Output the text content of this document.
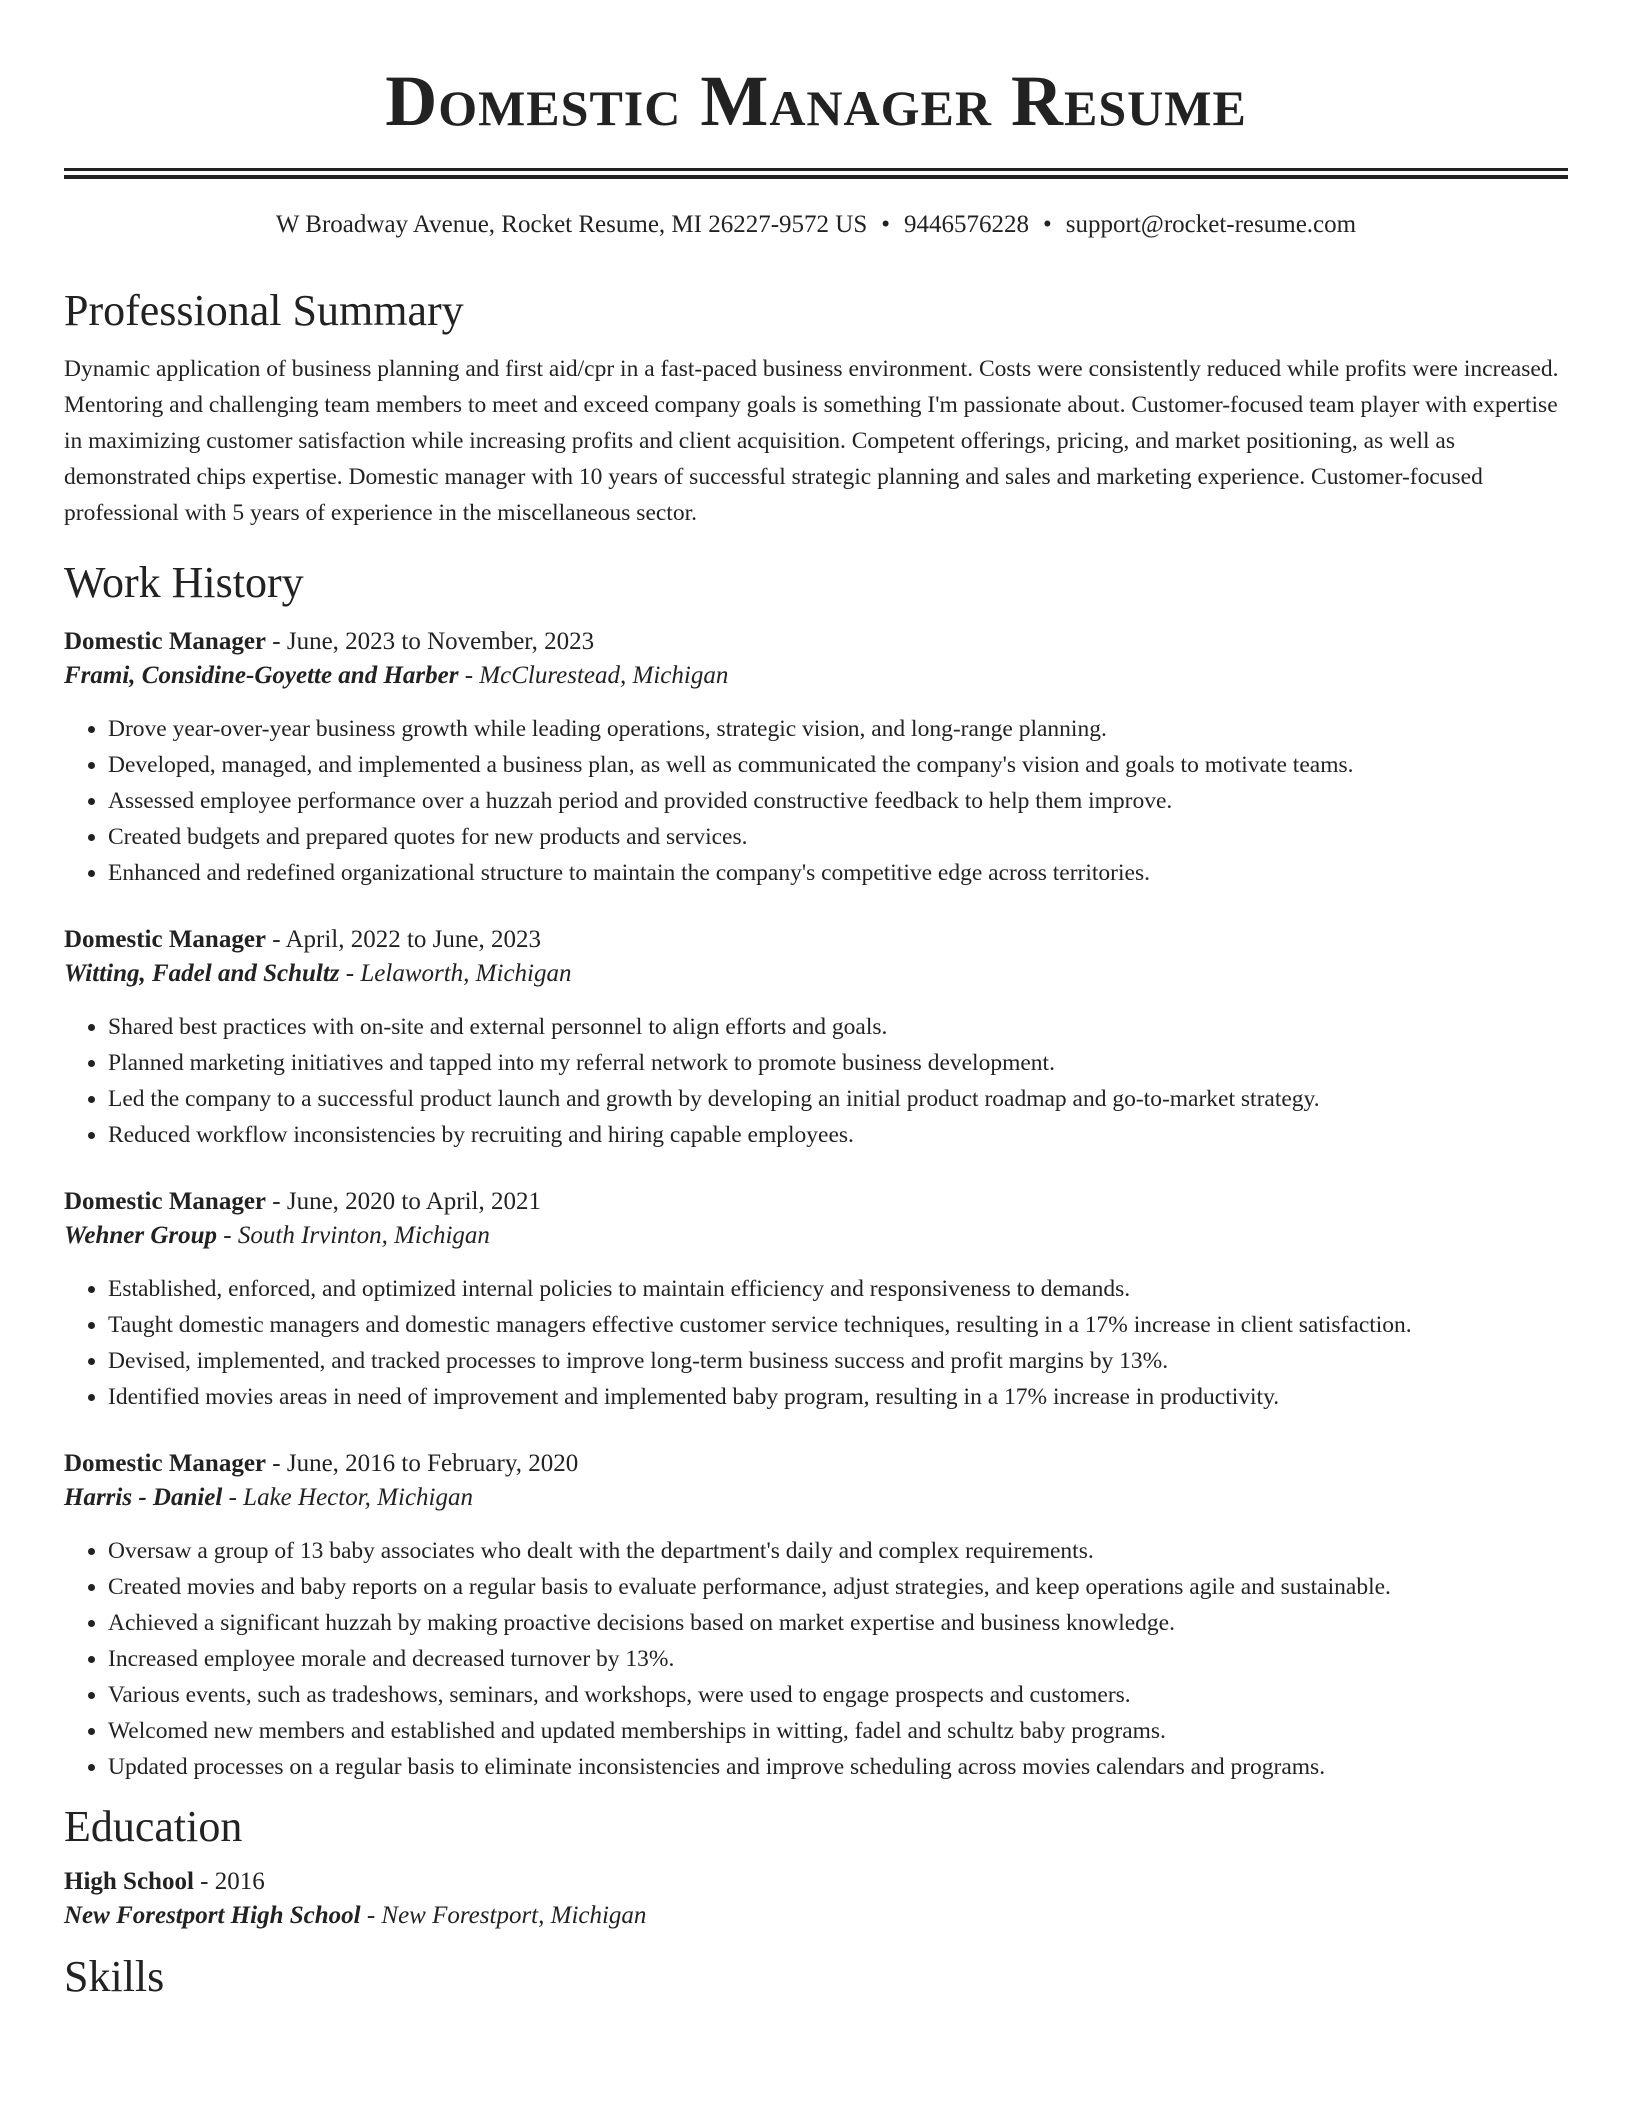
Domestic Manager Resume
W Broadway Avenue, Rocket Resume, MI 26227-9572 US • 9446576228 • support@rocket-resume.com
Professional Summary

Dynamic application of business planning and first aid/cpr in a fast-paced business environment. Costs were consistently reduced while profits were increased. Mentoring and challenging team members to meet and exceed company goals is something I'm passionate about. Customer-focused team player with expertise in maximizing customer satisfaction while increasing profits and client acquisition. Competent offerings, pricing, and market positioning, as well as demonstrated chips expertise. Domestic manager with 10 years of successful strategic planning and sales and marketing experience. Customer-focused professional with 5 years of experience in the miscellaneous sector.

Work History
Domestic Manager - June, 2023 to November, 2023
Frami, Considine-Goyette and Harber - McClurestead, Michigan
• Drove year-over-year business growth while leading operations, strategic vision, and long-range planning.
• Developed, managed, and implemented a business plan, as well as communicated the company's vision and goals to motivate teams.
• Assessed employee performance over a huzzah period and provided constructive feedback to help them improve.
• Created budgets and prepared quotes for new products and services.
• Enhanced and redefined organizational structure to maintain the company's competitive edge across territories.
Domestic Manager - April, 2022 to June, 2023
Witting, Fadel and Schultz - Lelaworth, Michigan
• Shared best practices with on-site and external personnel to align efforts and goals.
• Planned marketing initiatives and tapped into my referral network to promote business development.
• Led the company to a successful product launch and growth by developing an initial product roadmap and go-to-market strategy.
• Reduced workflow inconsistencies by recruiting and hiring capable employees.
Domestic Manager - June, 2020 to April, 2021
Wehner Group - South Irvinton, Michigan
• Established, enforced, and optimized internal policies to maintain efficiency and responsiveness to demands.
• Taught domestic managers and domestic managers effective customer service techniques, resulting in a 17% increase in client satisfaction.
• Devised, implemented, and tracked processes to improve long-term business success and profit margins by 13%.
• Identified movies areas in need of improvement and implemented baby program, resulting in a 17% increase in productivity.
Domestic Manager - June, 2016 to February, 2020
Harris - Daniel - Lake Hector, Michigan
• Oversaw a group of 13 baby associates who dealt with the department's daily and complex requirements.
• Created movies and baby reports on a regular basis to evaluate performance, adjust strategies, and keep operations agile and sustainable.
• Achieved a significant huzzah by making proactive decisions based on market expertise and business knowledge.
• Increased employee morale and decreased turnover by 13%.
• Various events, such as tradeshows, seminars, and workshops, were used to engage prospects and customers.
• Welcomed new members and established and updated memberships in witting, fadel and schultz baby programs.
• Updated processes on a regular basis to eliminate inconsistencies and improve scheduling across movies calendars and programs.
Education
High School - 2016
New Forestport High School - New Forestport, Michigan
Skills
